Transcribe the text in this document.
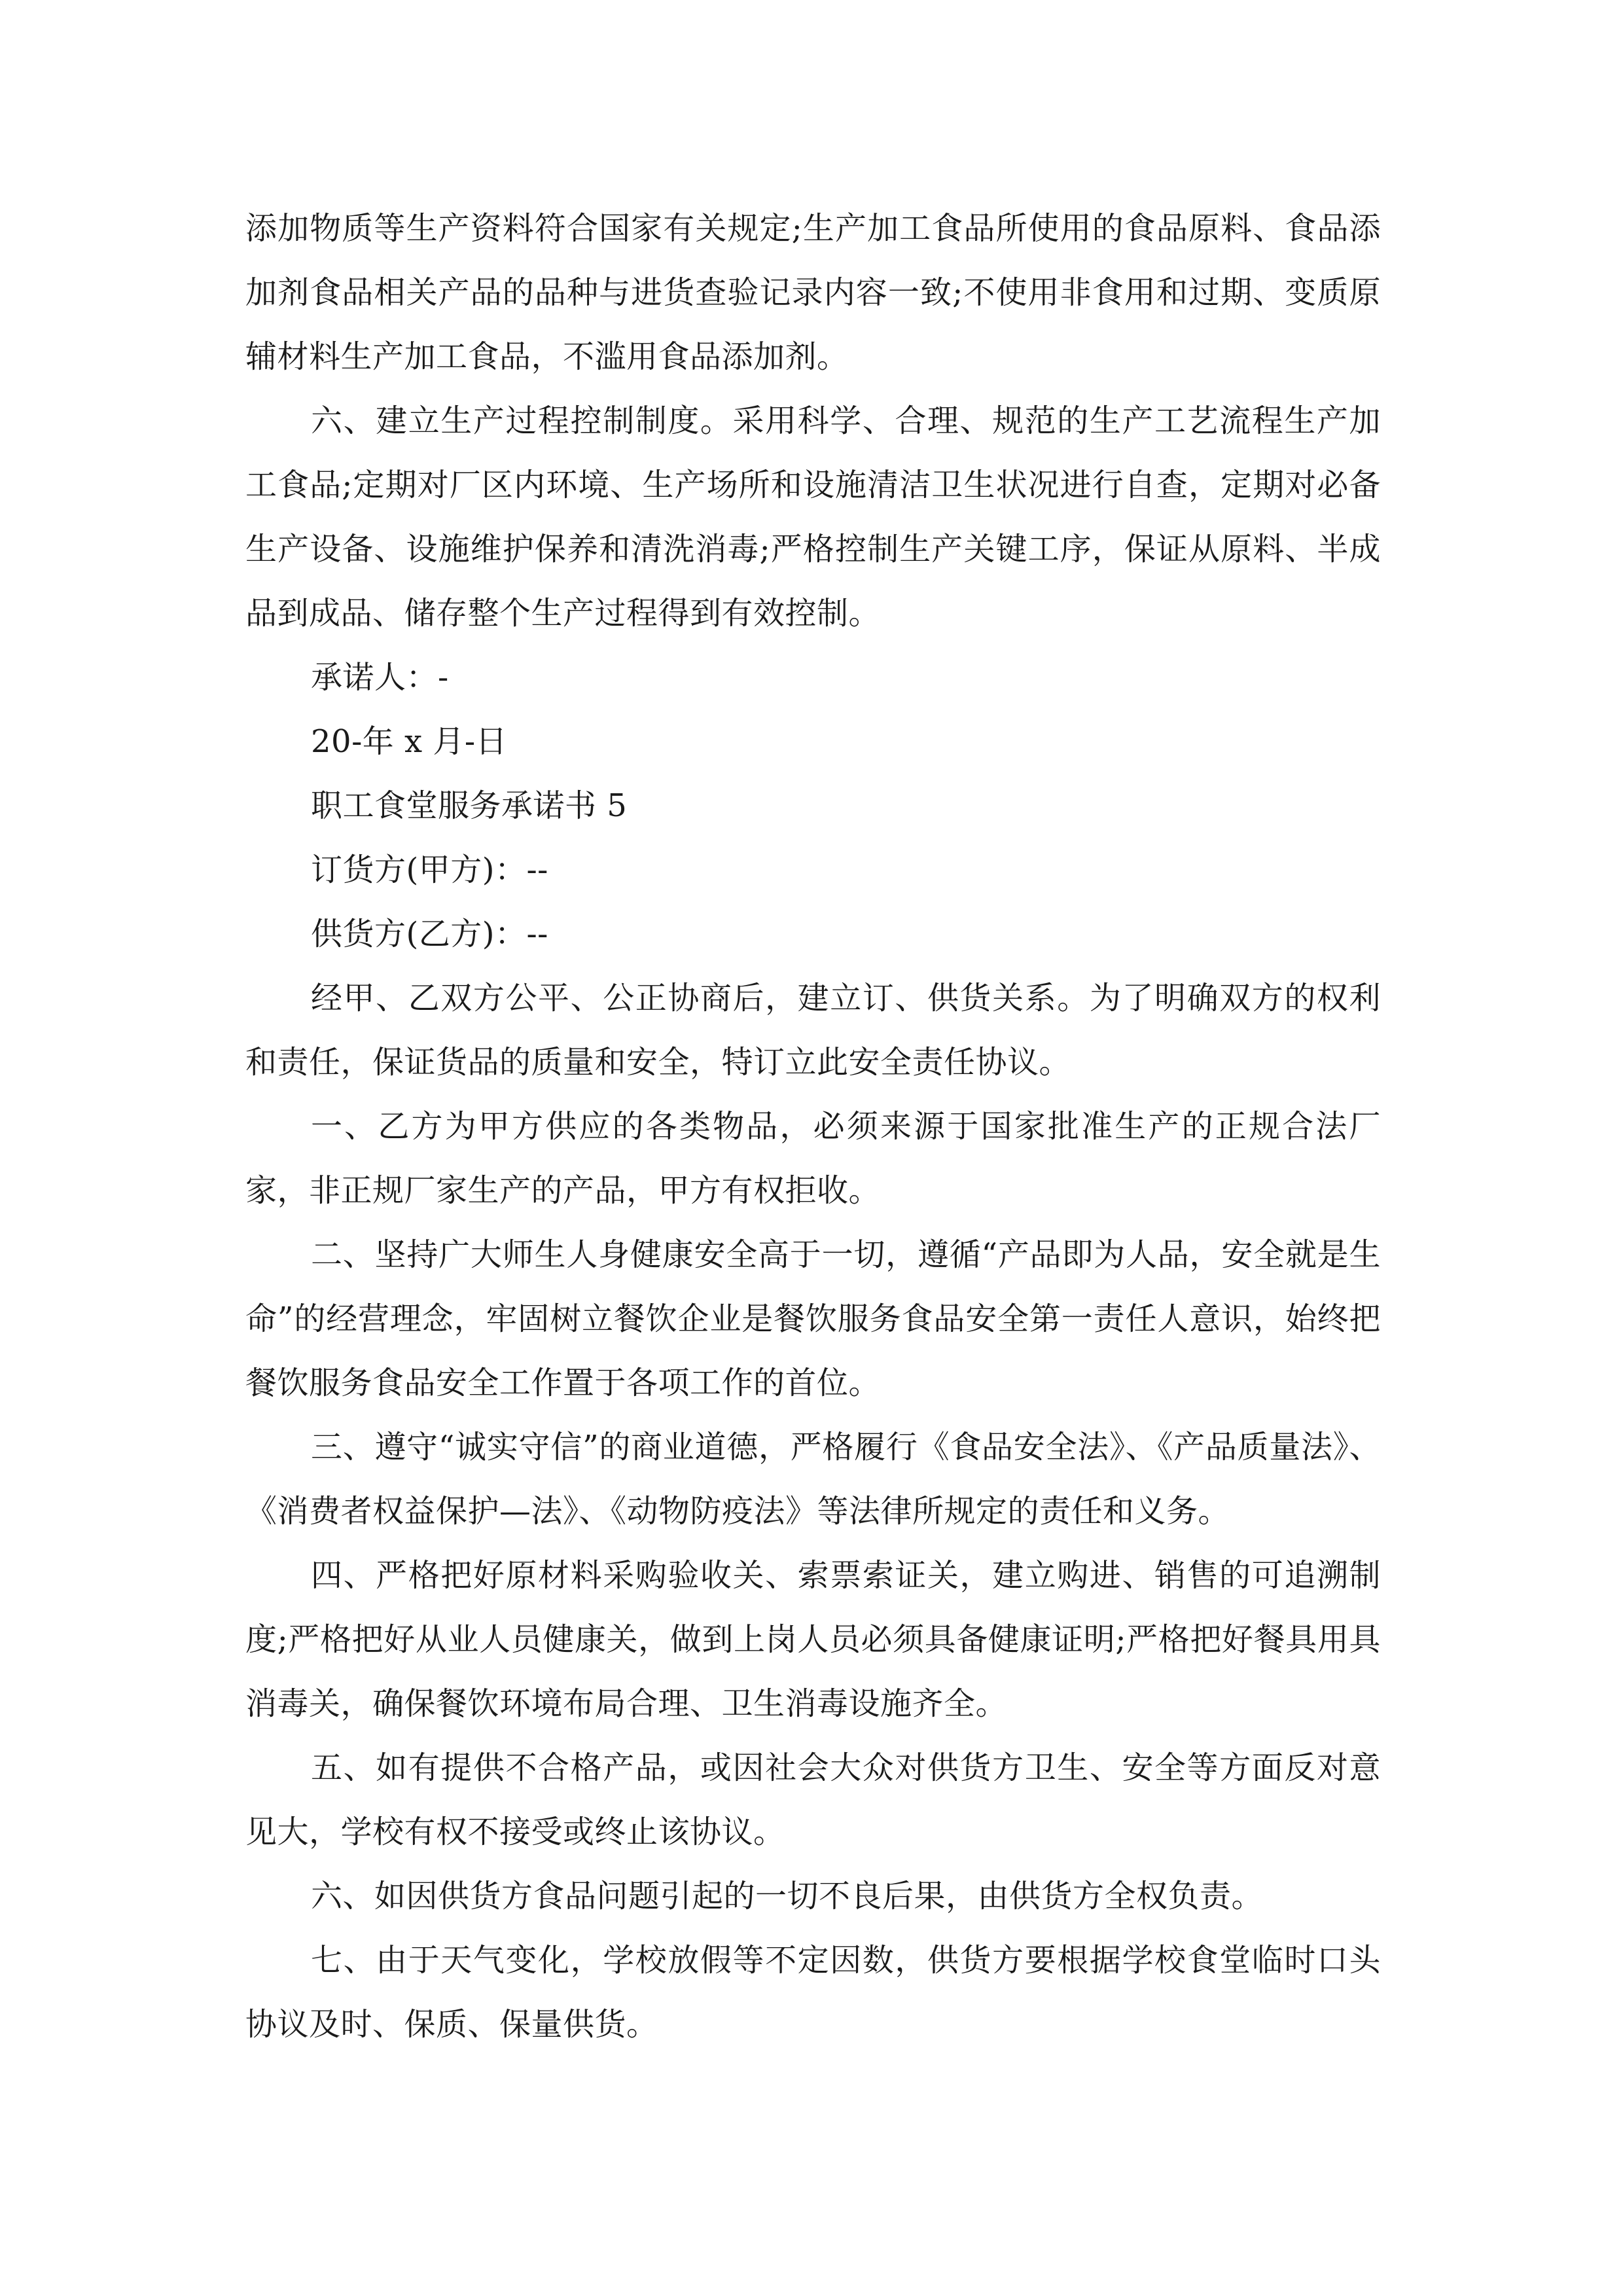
添加物质等生产资料符合国家有关规定;生产加工食品所使用的食品原料、食品添加剂食品相关产品的品种与进货查验记录内容一致;不使用非食用和过期、变质原辅材料生产加工食品，不滥用食品添加剂。

六、建立生产过程控制制度。采用科学、合理、规范的生产工艺流程生产加工食品;定期对厂区内环境、生产场所和设施清洁卫生状况进行自查，定期对必备生产设备、设施维护保养和清洗消毒;严格控制生产关键工序，保证从原料、半成品到成品、储存整个生产过程得到有效控制。

承诺人：-

20-年 x 月-日

职工食堂服务承诺书 5

订货方(甲方)：--

供货方(乙方)：--

经甲、乙双方公平、公正协商后，建立订、供货关系。为了明确双方的权利和责任，保证货品的质量和安全，特订立此安全责任协议。

一、乙方为甲方供应的各类物品，必须来源于国家批准生产的正规合法厂家，非正规厂家生产的产品，甲方有权拒收。

二、坚持广大师生人身健康安全高于一切，遵循“产品即为人品，安全就是生命”的经营理念，牢固树立餐饮企业是餐饮服务食品安全第一责任人意识，始终把餐饮服务食品安全工作置于各项工作的首位。

三、遵守“诚实守信”的商业道德，严格履行《食品安全法》、《产品质量法》、《消费者权益保护—法》、《动物防疫法》等法律所规定的责任和义务。

四、严格把好原材料采购验收关、索票索证关，建立购进、销售的可追溯制度;严格把好从业人员健康关，做到上岗人员必须具备健康证明;严格把好餐具用具消毒关，确保餐饮环境布局合理、卫生消毒设施齐全。

五、如有提供不合格产品，或因社会大众对供货方卫生、安全等方面反对意见大，学校有权不接受或终止该协议。

六、如因供货方食品问题引起的一切不良后果，由供货方全权负责。

七、由于天气变化，学校放假等不定因数，供货方要根据学校食堂临时口头协议及时、保质、保量供货。
